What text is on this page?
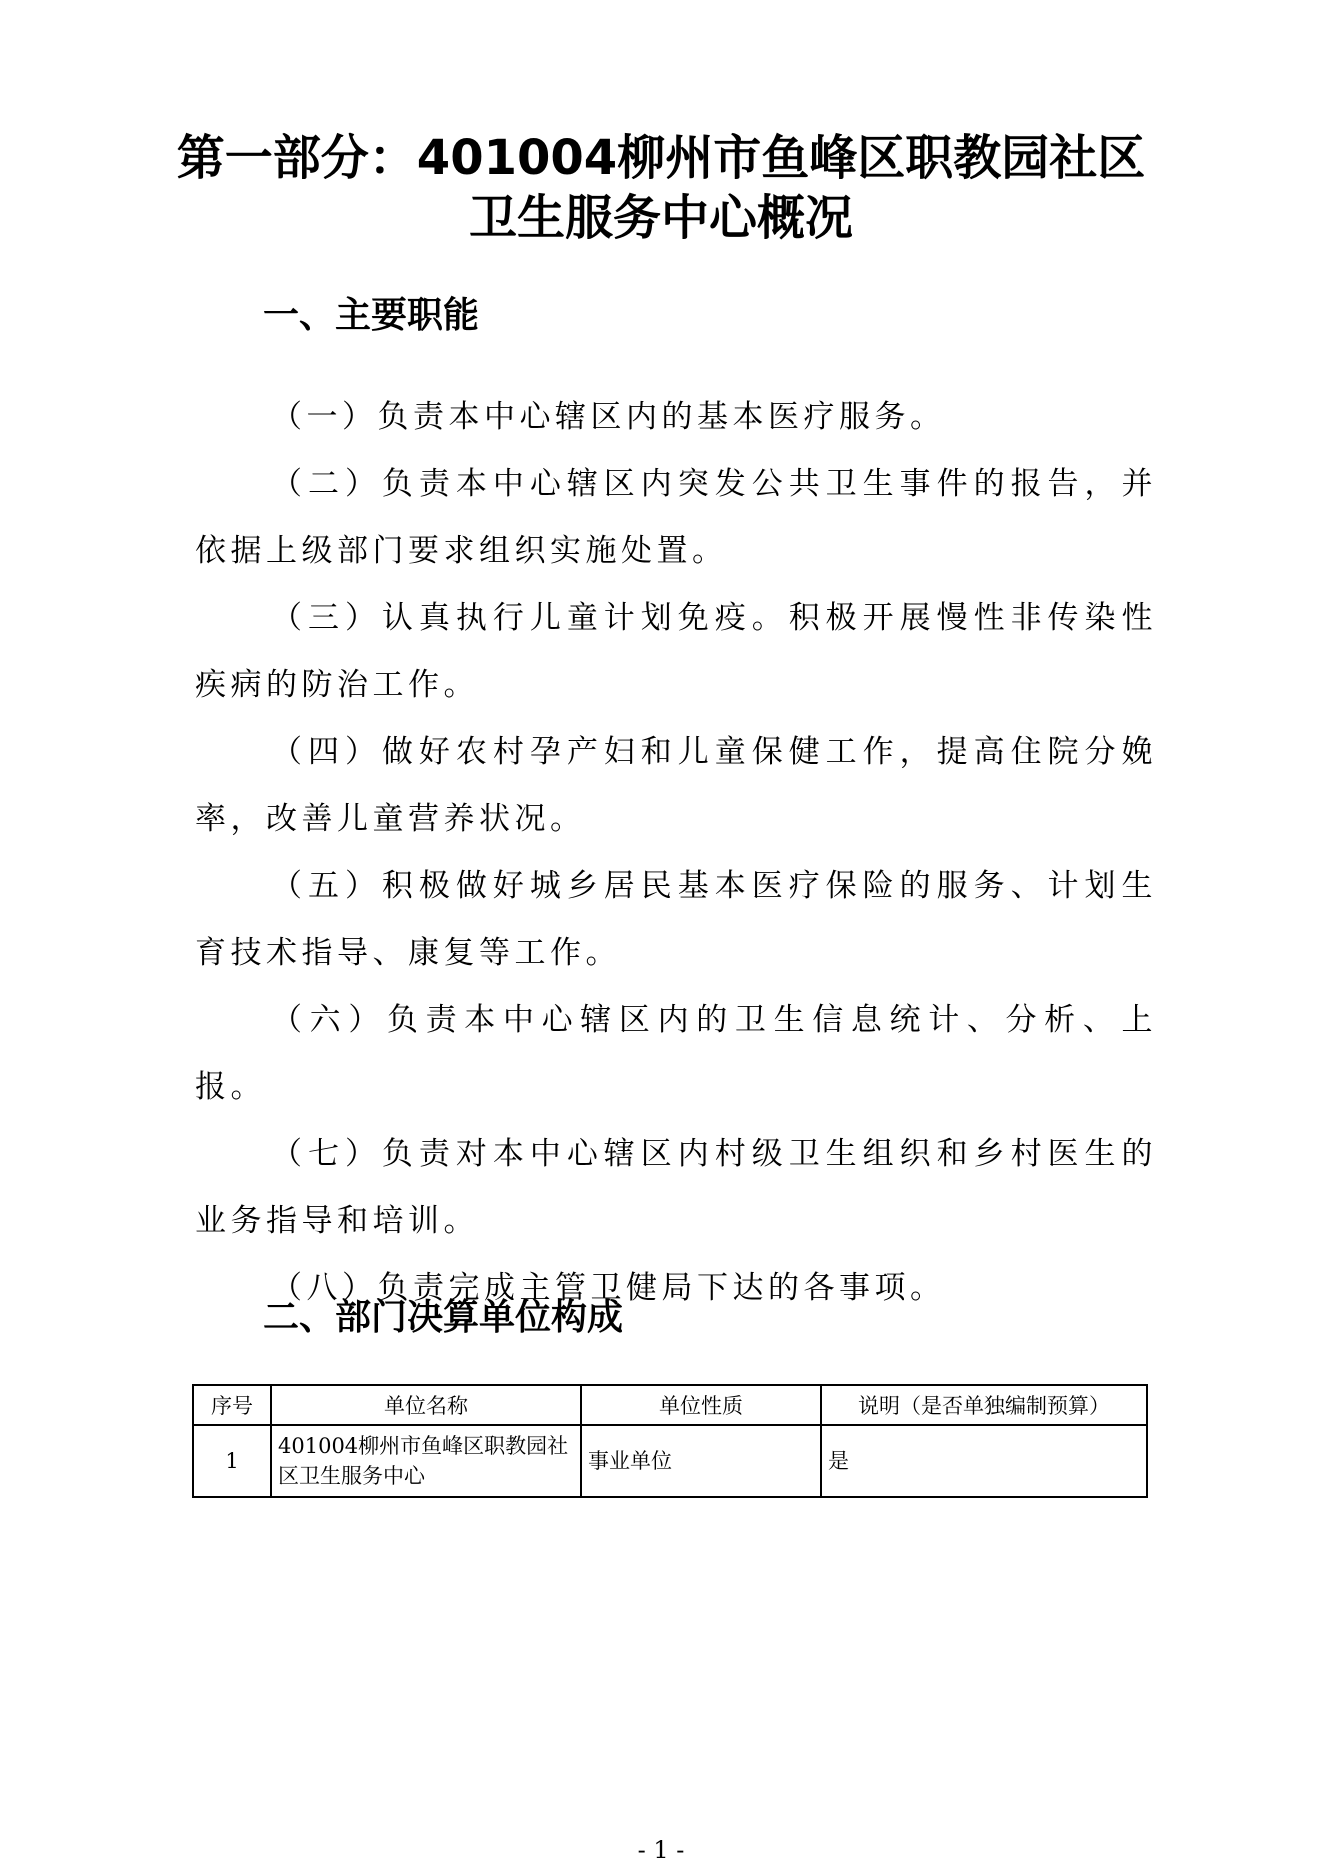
第一部分：401004柳州市鱼峰区职教园社区
卫生服务中心概况
一、主要职能

（一）负责本中心辖区内的基本医疗服务。

（二）负责本中心辖区内突发公共卫生事件的报告，并依据上级部门要求组织实施处置。

（三）认真执行儿童计划免疫。积极开展慢性非传染性疾病的防治工作。

（四）做好农村孕产妇和儿童保健工作，提高住院分娩率，改善儿童营养状况。

（五）积极做好城乡居民基本医疗保险的服务、计划生育技术指导、康复等工作。

（六）负责本中心辖区内的卫生信息统计、分析、上报。

（七）负责对本中心辖区内村级卫生组织和乡村医生的业务指导和培训。

（八）负责完成主管卫健局下达的各事项。

二、部门决算单位构成
序号	单位名称	单位性质	说明（是否单独编制预算）
1	401004柳州市鱼峰区职教园社区卫生服务中心	事业单位	是
- 1 -
